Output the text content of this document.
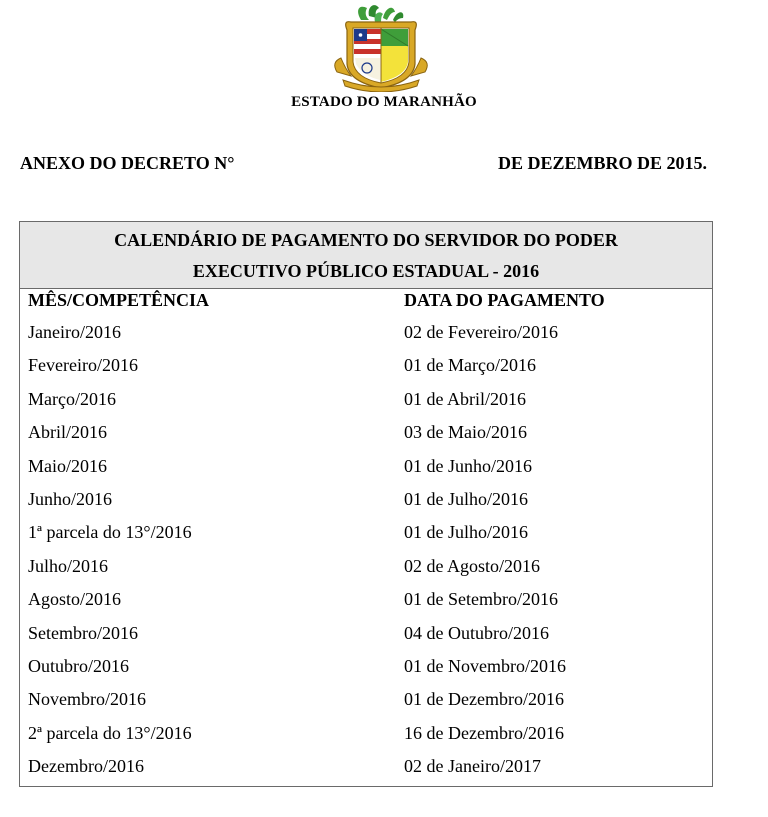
ESTADO DO MARANHÃO
ANEXO DO DECRETO N°	DE DEZEMBRO DE 2015.
CALENDÁRIO DE PAGAMENTO DO SERVIDOR DO PODER
EXECUTIVO PÚBLICO ESTADUAL - 2016
MÊS/COMPETÊNCIA	DATA DO PAGAMENTO
Janeiro/2016	02 de Fevereiro/2016
Fevereiro/2016	01 de Março/2016
Março/2016	01 de Abril/2016
Abril/2016	03 de Maio/2016
Maio/2016	01 de Junho/2016
Junho/2016	01 de Julho/2016
1ª parcela do 13°/2016	01 de Julho/2016
Julho/2016	02 de Agosto/2016
Agosto/2016	01 de Setembro/2016
Setembro/2016	04 de Outubro/2016
Outubro/2016	01 de Novembro/2016
Novembro/2016	01 de Dezembro/2016
2ª parcela do 13°/2016	16 de Dezembro/2016
Dezembro/2016	02 de Janeiro/2017
